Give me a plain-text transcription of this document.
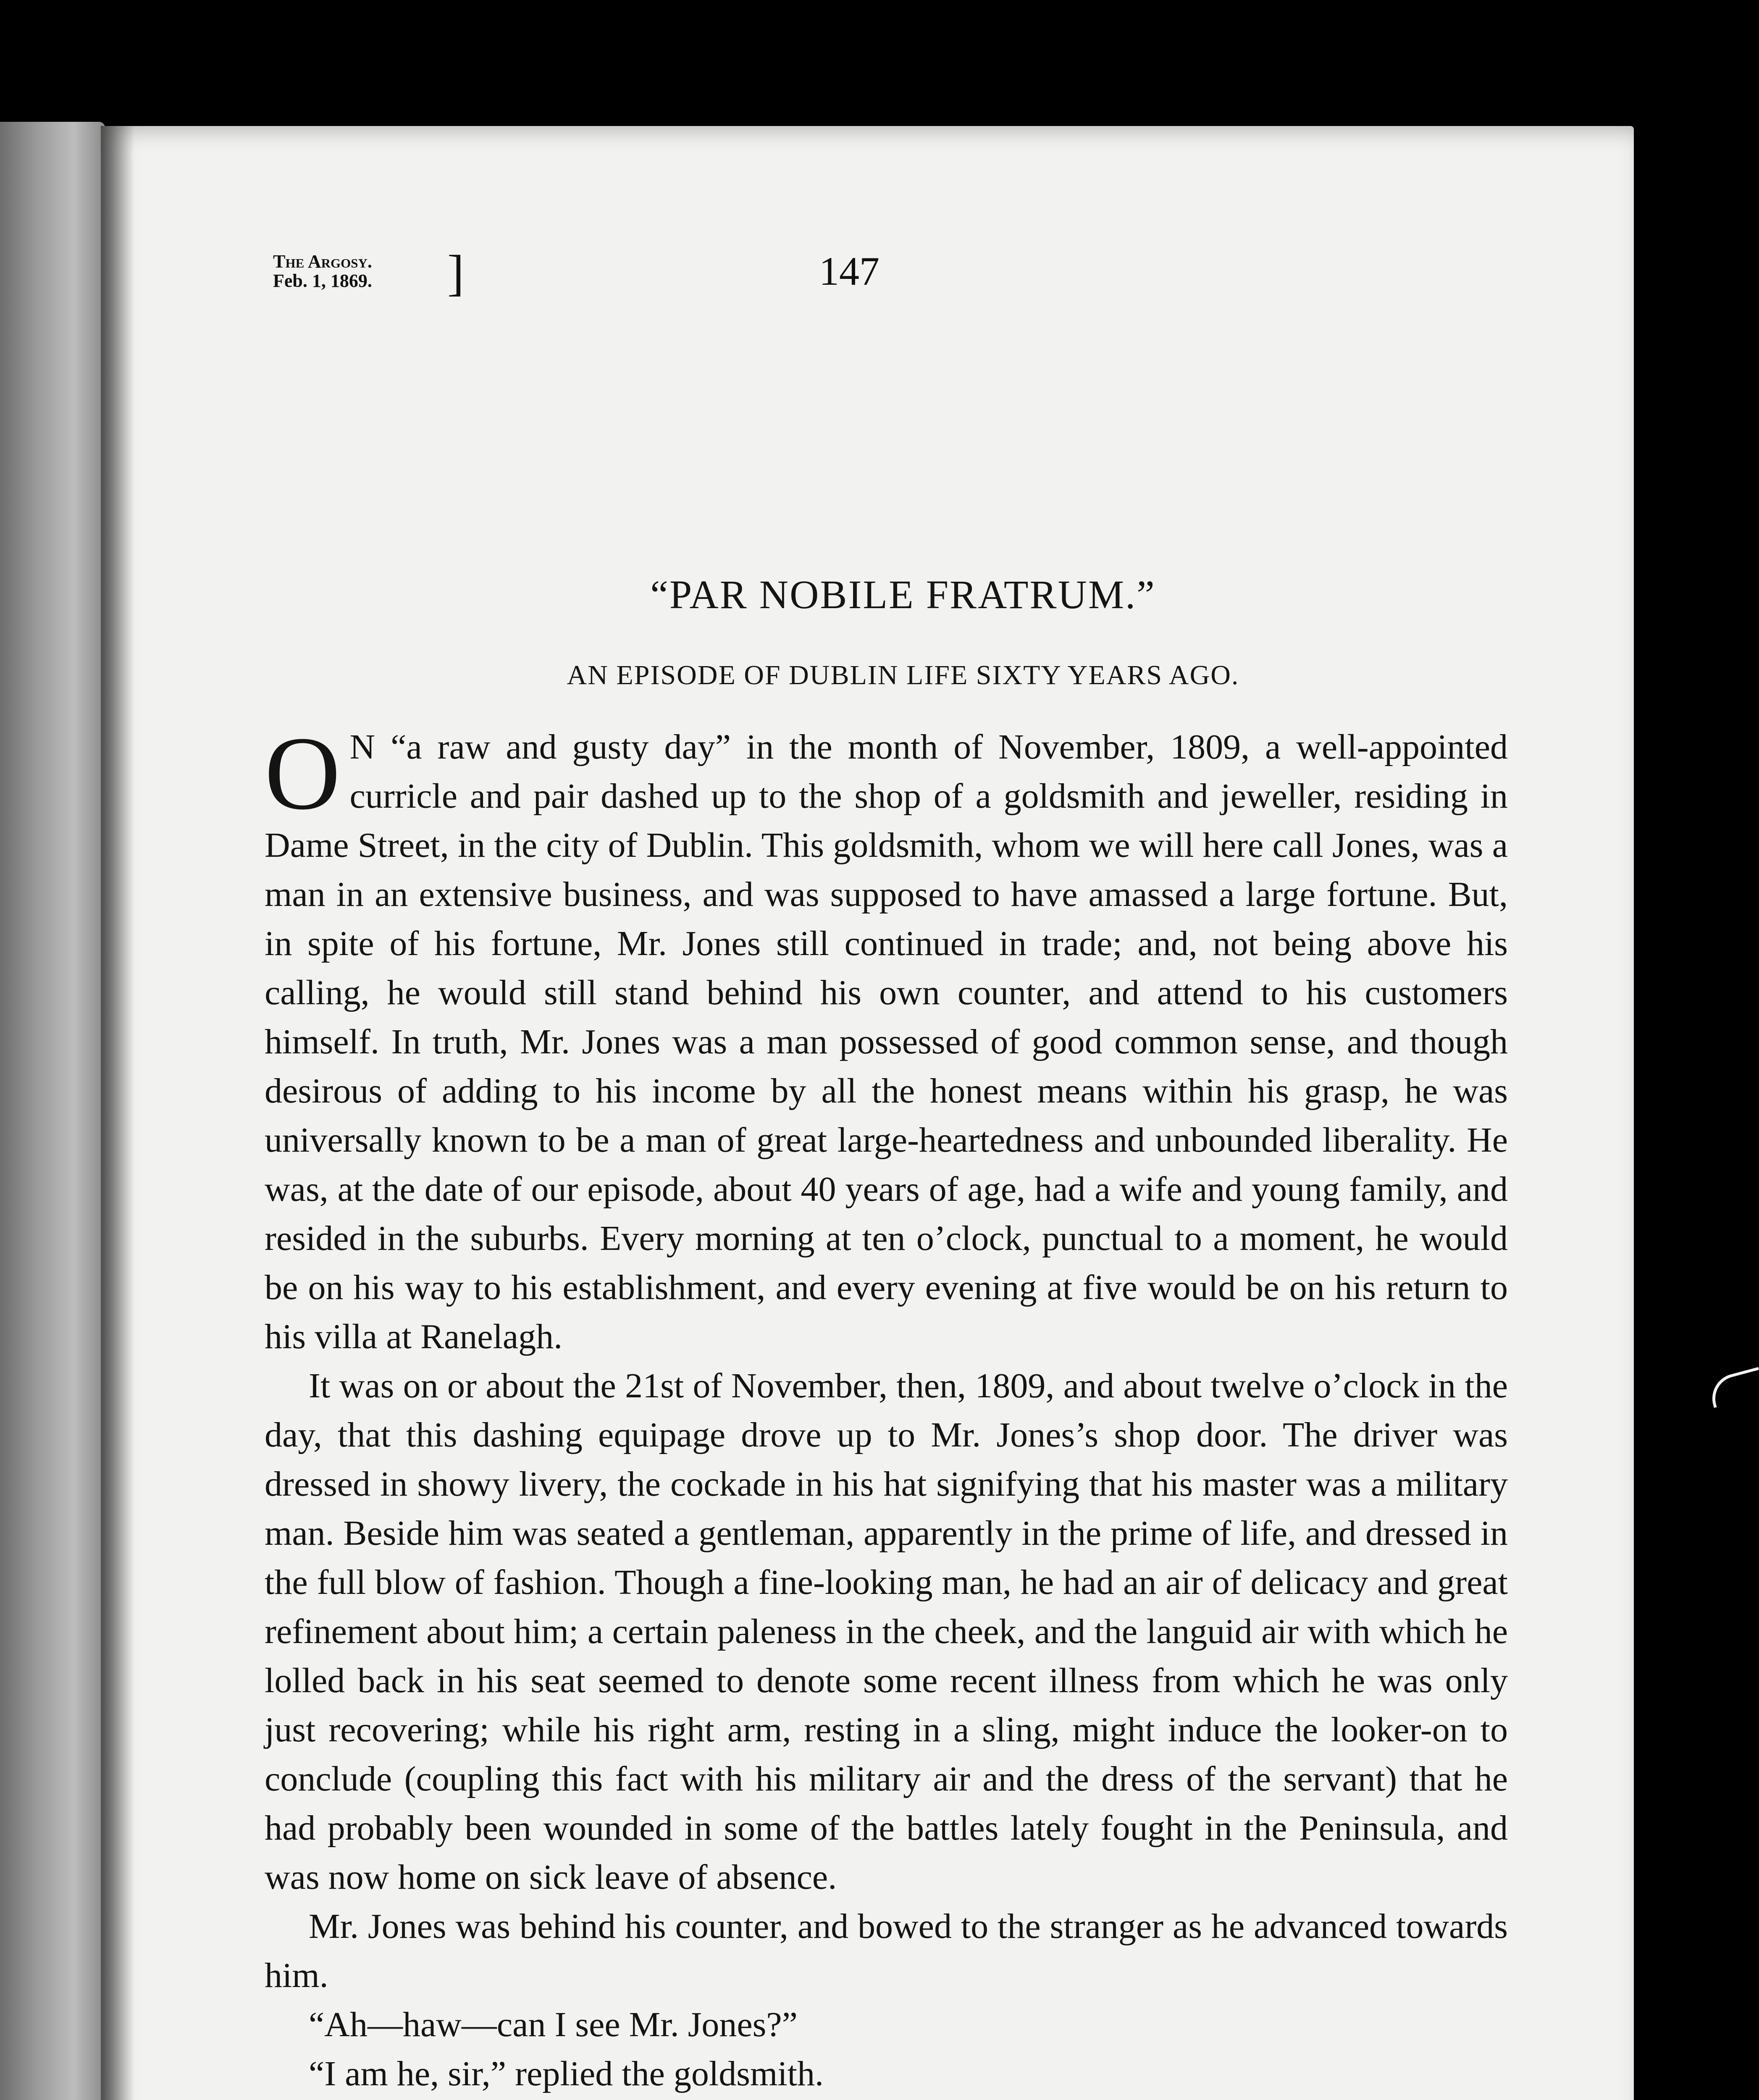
The Argosy.
Feb. 1, 1869. ]	147
“PAR NOBILE FRATRUM.”
AN EPISODE OF DUBLIN LIFE SIXTY YEARS AGO.

O N “a raw and gusty day” in the month of November, 1809, a well-appointed curricle and pair dashed up to the shop of a goldsmith and jeweller, residing in Dame Street, in the city of Dublin. This goldsmith, whom we will here call Jones, was a man in an extensive business, and was supposed to have amassed a large fortune. But, in spite of his fortune, Mr. Jones still continued in trade; and, not being above his calling, he would still stand behind his own counter, and attend to his customers himself. In truth, Mr. Jones was a man possessed of good common sense, and though desirous of adding to his income by all the honest means within his grasp, he was universally known to be a man of great large-heartedness and unbounded liberality. He was, at the date of our episode, about 40 years of age, had a wife and young family, and resided in the suburbs. Every morning at ten o’clock, punctual to a moment, he would be on his way to his establishment, and every evening at five would be on his return to his villa at Ranelagh.

It was on or about the 21st of November, then, 1809, and about twelve o’clock in the day, that this dashing equipage drove up to Mr. Jones’s shop door. The driver was dressed in showy livery, the cockade in his hat signifying that his master was a military man. Beside him was seated a gentleman, apparently in the prime of life, and dressed in the full blow of fashion. Though a fine-looking man, he had an air of delicacy and great refinement about him; a certain paleness in the cheek, and the languid air with which he lolled back in his seat seemed to denote some recent illness from which he was only just recovering; while his right arm, resting in a sling, might induce the looker-on to conclude (coupling this fact with his military air and the dress of the servant) that he had probably been wounded in some of the battles lately fought in the Peninsula, and was now home on sick leave of absence.

Mr. Jones was behind his counter, and bowed to the stranger as he advanced towards him.

“Ah—haw—can I see Mr. Jones?”

“I am he, sir,” replied the goldsmith.
